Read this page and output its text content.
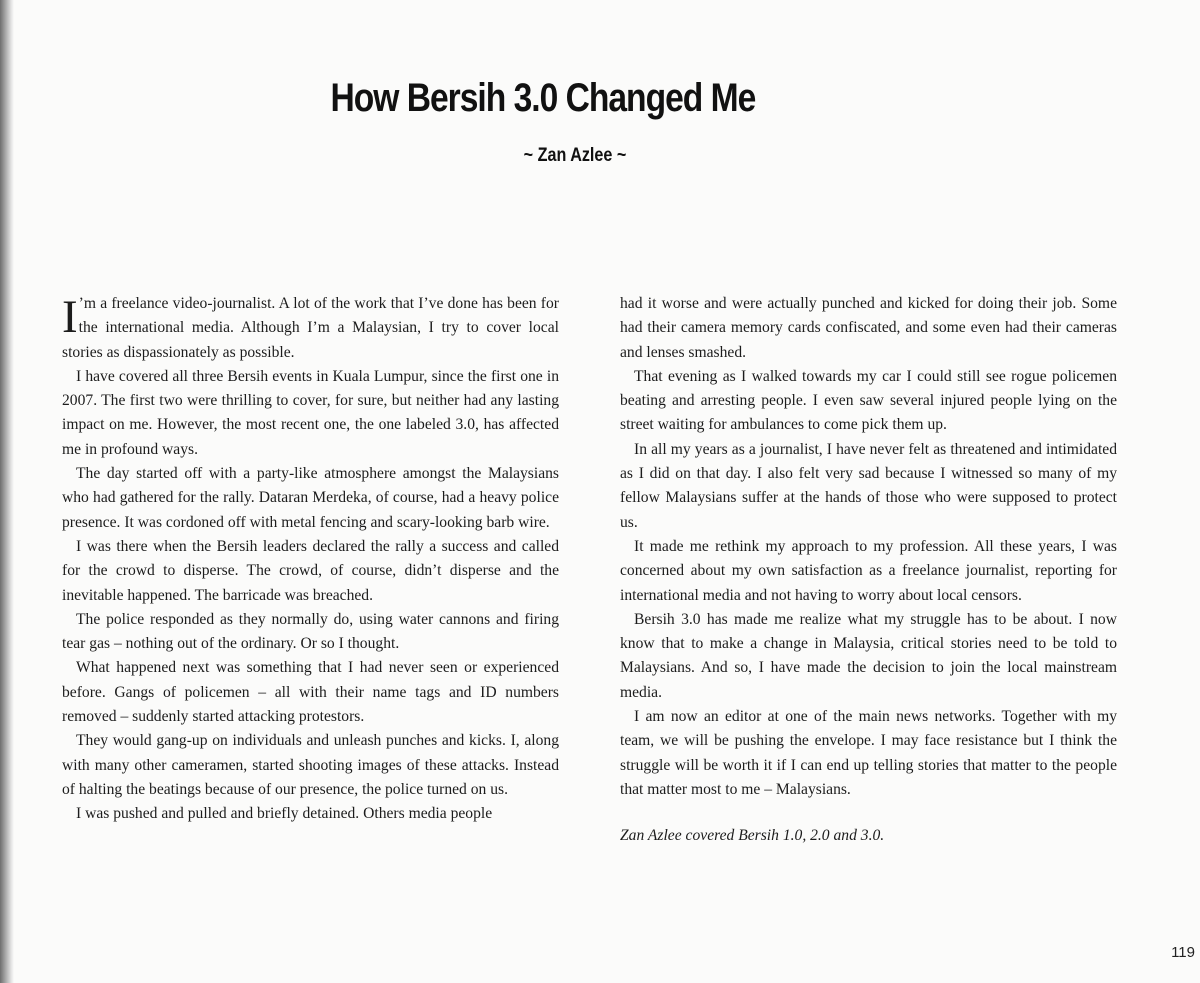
How Bersih 3.0 Changed Me
~ Zan Azlee ~

I ’m a freelance video-journalist. A lot of the work that I’ve done has been for the international media. Although I’m a Malaysian, I try to cover local stories as dispassionately as possible.

I have covered all three Bersih events in Kuala Lumpur, since the first one in 2007. The first two were thrilling to cover, for sure, but neither had any lasting impact on me. However, the most recent one, the one labeled 3.0, has affected me in profound ways.

The day started off with a party-like atmosphere amongst the Malaysians who had gathered for the rally. Dataran Merdeka, of course, had a heavy police presence. It was cordoned off with metal fencing and scary-looking barb wire.

I was there when the Bersih leaders declared the rally a success and called for the crowd to disperse. The crowd, of course, didn’t disperse and the inevitable happened. The barricade was breached.

The police responded as they normally do, using water cannons and firing tear gas – nothing out of the ordinary. Or so I thought.

What happened next was something that I had never seen or experienced before. Gangs of policemen – all with their name tags and ID numbers removed – suddenly started attacking protestors.

They would gang-up on individuals and unleash punches and kicks. I, along with many other cameramen, started shooting images of these attacks. Instead of halting the beatings because of our presence, the police turned on us.

I was pushed and pulled and briefly detained. Others media people

had it worse and were actually punched and kicked for doing their job. Some had their camera memory cards confiscated, and some even had their cameras and lenses smashed.

That evening as I walked towards my car I could still see rogue policemen beating and arresting people. I even saw several injured people lying on the street waiting for ambulances to come pick them up.

In all my years as a journalist, I have never felt as threatened and intimidated as I did on that day. I also felt very sad because I witnessed so many of my fellow Malaysians suffer at the hands of those who were supposed to protect us.

It made me rethink my approach to my profession. All these years, I was concerned about my own satisfaction as a freelance journalist, reporting for international media and not having to worry about local censors.

Bersih 3.0 has made me realize what my struggle has to be about. I now know that to make a change in Malaysia, critical stories need to be told to Malaysians. And so, I have made the decision to join the local mainstream media.

I am now an editor at one of the main news networks. Together with my team, we will be pushing the envelope. I may face resistance but I think the struggle will be worth it if I can end up telling stories that matter to the people that matter most to me – Malaysians.

Zan Azlee covered Bersih 1.0, 2.0 and 3.0.

119
